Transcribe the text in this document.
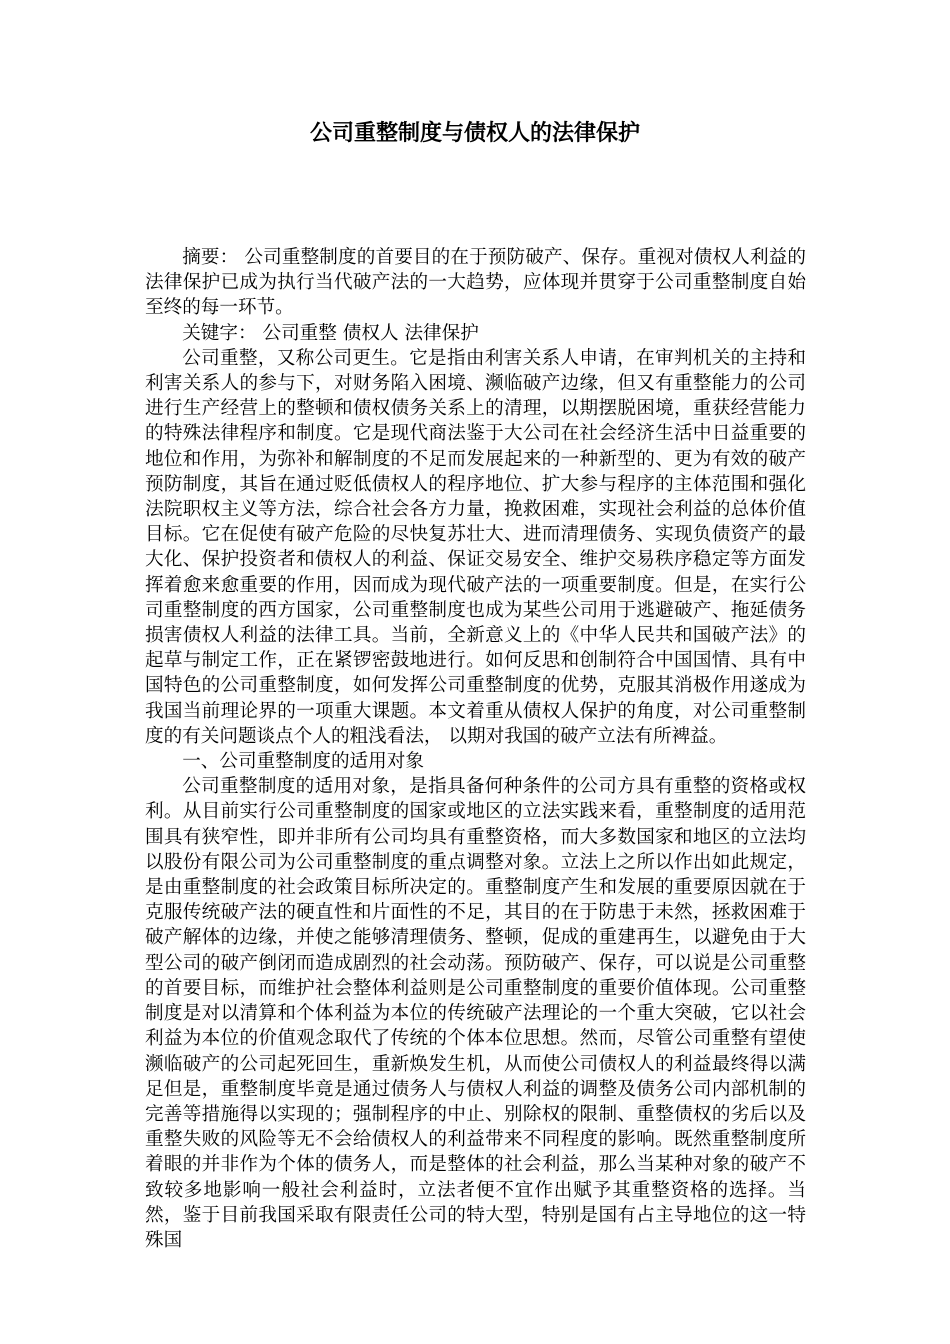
公司重整制度与债权人的法律保护

摘要： 公司重整制度的首要目的在于预防破产、保存。重视对债权人利益的法律保护已成为执行当代破产法的一大趋势，应体现并贯穿于公司重整制度自始至终的每一环节。

关键字： 公司重整 债权人 法律保护

公司重整，又称公司更生。它是指由利害关系人申请，在审判机关的主持和利害关系人的参与下，对财务陷入困境、濒临破产边缘，但又有重整能力的公司进行生产经营上的整顿和债权债务关系上的清理，以期摆脱困境，重获经营能力的特殊法律程序和制度。它是现代商法鉴于大公司在社会经济生活中日益重要的地位和作用，为弥补和解制度的不足而发展起来的一种新型的、更为有效的破产预防制度，其旨在通过贬低债权人的程序地位、扩大参与程序的主体范围和强化法院职权主义等方法，综合社会各方力量，挽救困难，实现社会利益的总体价值目标。它在促使有破产危险的尽快复苏壮大、进而清理债务、实现负债资产的最大化、保护投资者和债权人的利益、保证交易安全、维护交易秩序稳定等方面发挥着愈来愈重要的作用，因而成为现代破产法的一项重要制度。但是，在实行公司重整制度的西方国家，公司重整制度也成为某些公司用于逃避破产、拖延债务损害债权人利益的法律工具。当前，全新意义上的《中华人民共和国破产法》的起草与制定工作，正在紧锣密鼓地进行。如何反思和创制符合中国国情、具有中国特色的公司重整制度，如何发挥公司重整制度的优势，克服其消极作用遂成为我国当前理论界的一项重大课题。本文着重从债权人保护的角度，对公司重整制度的有关问题谈点个人的粗浅看法， 以期对我国的破产立法有所裨益。

一、公司重整制度的适用对象

公司重整制度的适用对象，是指具备何种条件的公司方具有重整的资格或权利。从目前实行公司重整制度的国家或地区的立法实践来看，重整制度的适用范围具有狭窄性，即并非所有公司均具有重整资格，而大多数国家和地区的立法均以股份有限公司为公司重整制度的重点调整对象。立法上之所以作出如此规定，是由重整制度的社会政策目标所决定的。重整制度产生和发展的重要原因就在于克服传统破产法的硬直性和片面性的不足，其目的在于防患于未然，拯救困难于破产解体的边缘，并使之能够清理债务、整顿，促成的重建再生，以避免由于大型公司的破产倒闭而造成剧烈的社会动荡。预防破产、保存，可以说是公司重整的首要目标，而维护社会整体利益则是公司重整制度的重要价值体现。公司重整制度是对以清算和个体利益为本位的传统破产法理论的一个重大突破，它以社会利益为本位的价值观念取代了传统的个体本位思想。然而，尽管公司重整有望使濒临破产的公司起死回生，重新焕发生机，从而使公司债权人的利益最终得以满足但是，重整制度毕竟是通过债务人与债权人利益的调整及债务公司内部机制的完善等措施得以实现的；强制程序的中止、别除权的限制、重整债权的劣后以及重整失败的风险等无不会给债权人的利益带来不同程度的影响。既然重整制度所着眼的并非作为个体的债务人，而是整体的社会利益，那么当某种对象的破产不致较多地影响一般社会利益时，立法者便不宜作出赋予其重整资格的选择。当然，鉴于目前我国采取有限责任公司的特大型，特别是国有占主导地位的这一特殊国
